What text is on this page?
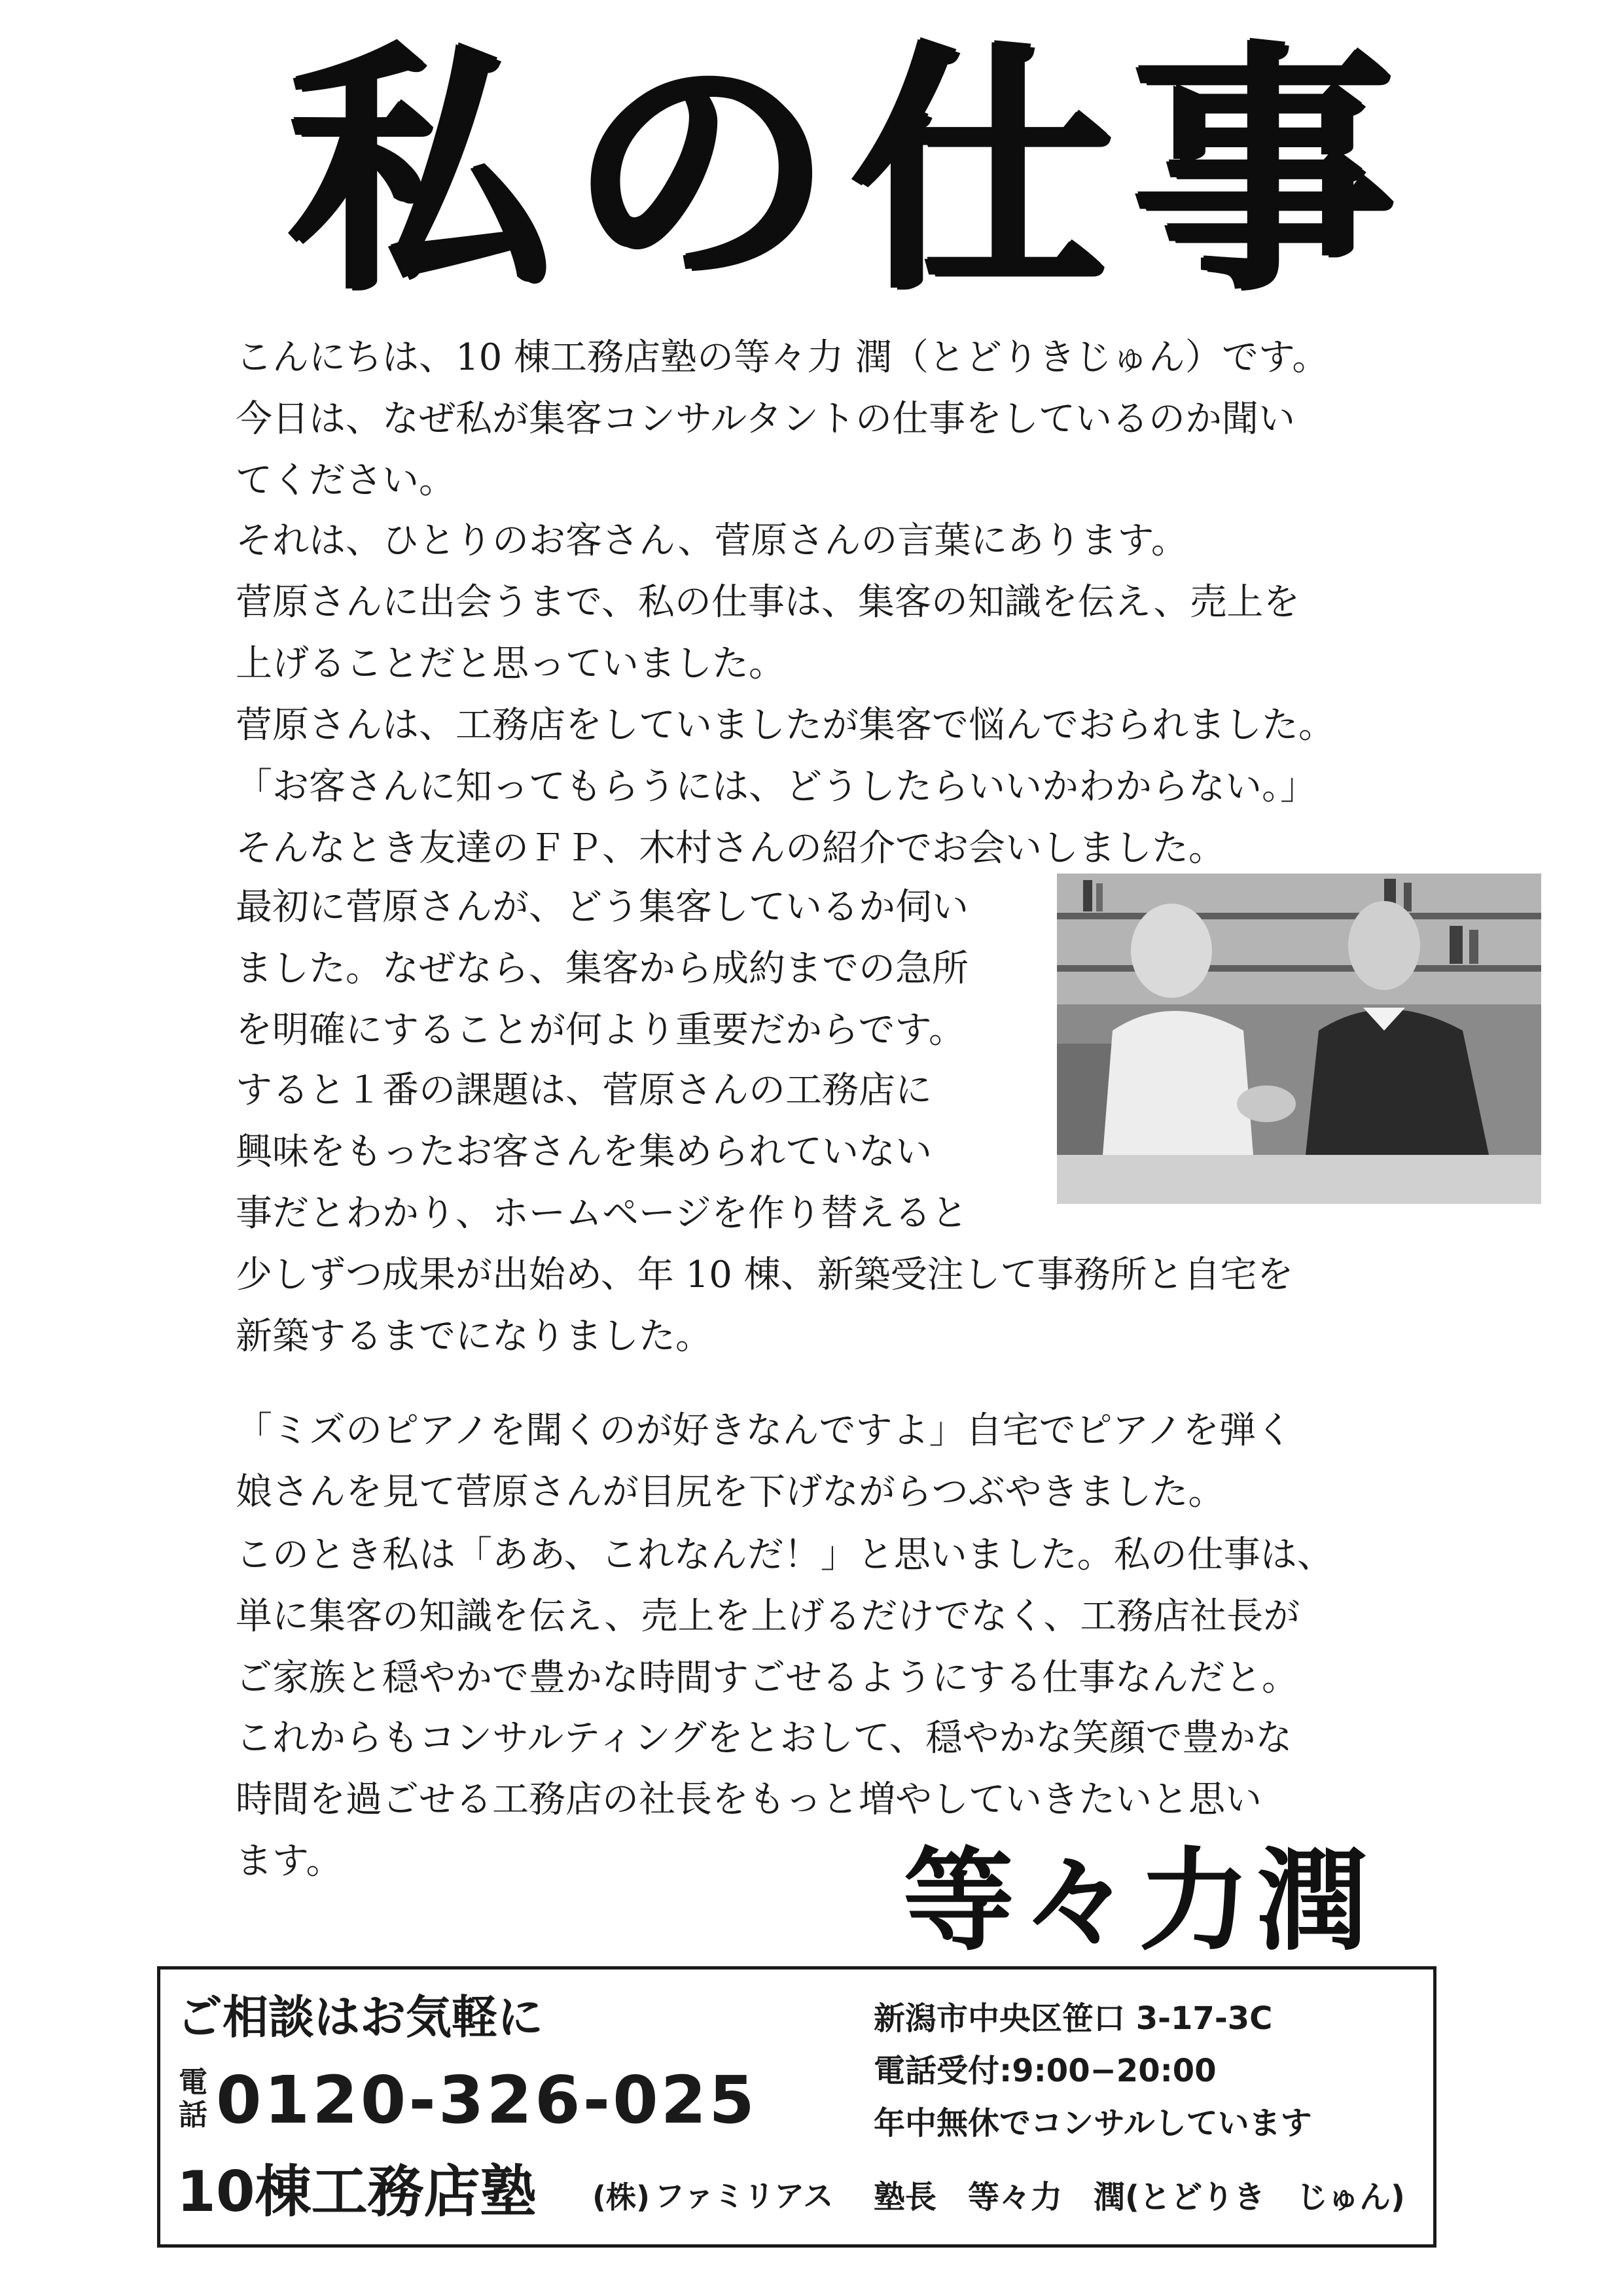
私の仕事

こんにちは、10 棟工務店塾の等々力 潤（とどりきじゅん）です。
今日は、なぜ私が集客コンサルタントの仕事をしているのか聞い
てください。

それは、ひとりのお客さん、菅原さんの言葉にあります。
菅原さんに出会うまで、私の仕事は、集客の知識を伝え、売上を
上げることだと思っていました。
菅原さんは、工務店をしていましたが集客で悩んでおられました。
「お客さんに知ってもらうには、どうしたらいいかわからない。」
そんなとき友達のＦＰ、木村さんの紹介でお会いしました。

最初に菅原さんが、どう集客しているか伺い
ました。なぜなら、集客から成約までの急所
を明確にすることが何より重要だからです。

すると１番の課題は、菅原さんの工務店に
興味をもったお客さんを集められていない
事だとわかり、ホームページを作り替えると
少しずつ成果が出始め、年 10 棟、新築受注して事務所と自宅を
新築するまでになりました。

「ミズのピアノを聞くのが好きなんですよ」自宅でピアノを弾く
娘さんを見て菅原さんが目尻を下げながらつぶやきました。

このとき私は「ああ、これなんだ！」と思いました。私の仕事は、
単に集客の知識を伝え、売上を上げるだけでなく、工務店社長が
ご家族と穏やかで豊かな時間すごせるようにする仕事なんだと。

これからもコンサルティングをとおして、穏やかな笑顔で豊かな
時間を過ごせる工務店の社長をもっと増やしていきたいと思い
ます。	等々力潤
ご相談はお気軽に
電話 0120-326-025
10棟工務店塾 (株) ファミリアス
新潟市中央区笹口 3-17-3C
電話受付:9:00−20:00
年中無休でコンサルしています
塾長　等々力　潤(とどりき　じゅん)
